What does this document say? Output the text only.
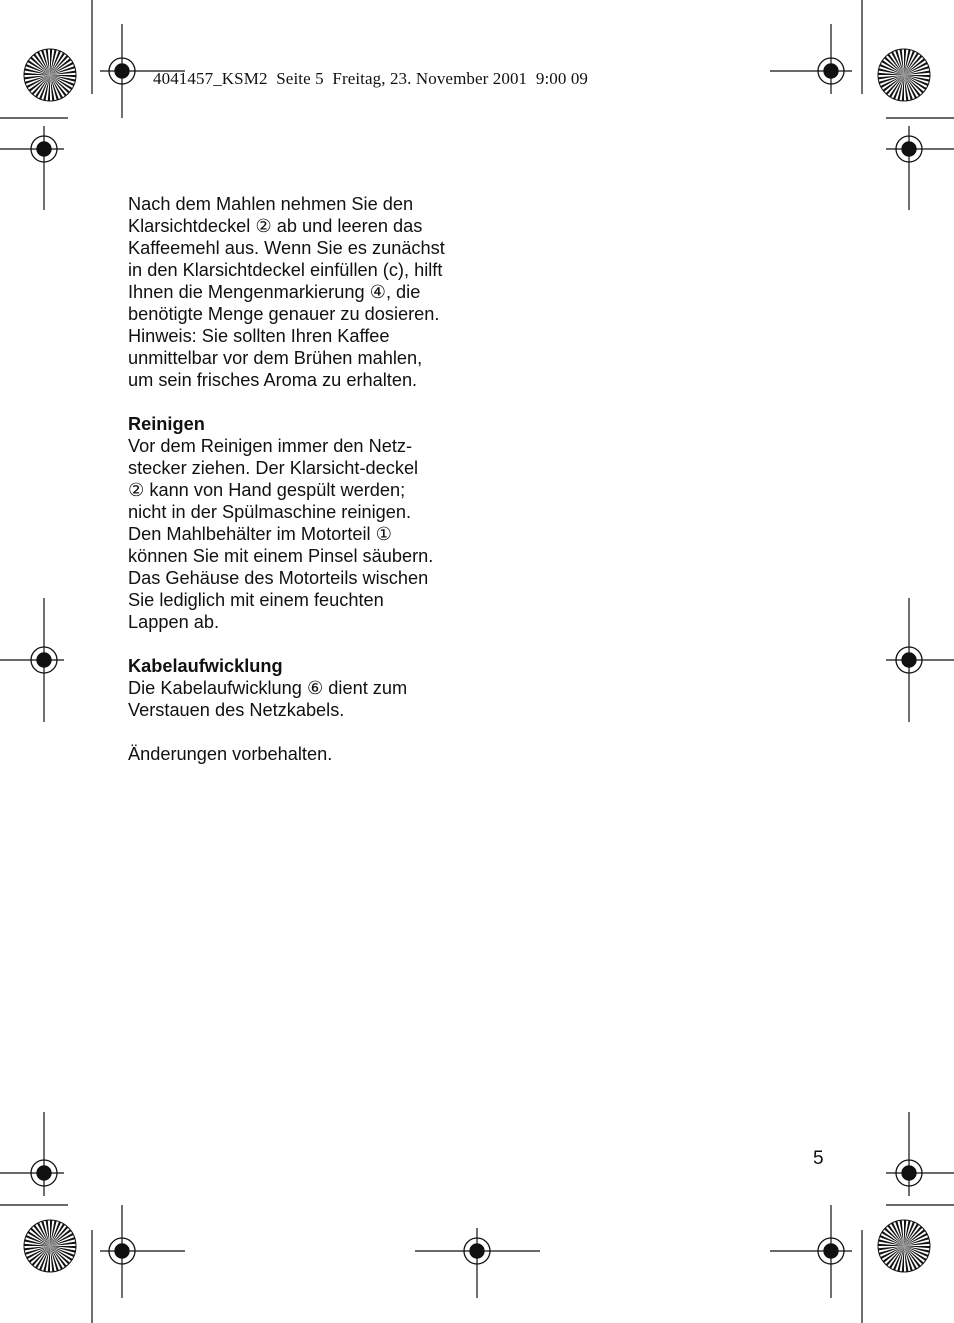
4041457_KSM2  Seite 5  Freitag, 23. November 2001  9:00 09

Nach dem Mahlen nehmen Sie den
Klarsichtdeckel ② ab und leeren das
Kaffeemehl aus. Wenn Sie es zunächst
in den Klarsichtdeckel einfüllen (c), hilft
Ihnen die Mengenmarkierung ④, die
benötigte Menge genauer zu dosieren.
Hinweis: Sie sollten Ihren Kaffee
unmittelbar vor dem Brühen mahlen,
um sein frisches Aroma zu erhalten.

Reinigen

Vor dem Reinigen immer den Netz-
stecker ziehen. Der Klarsicht-deckel
② kann von Hand gespült werden;
nicht in der Spülmaschine reinigen.
Den Mahlbehälter im Motorteil ①
können Sie mit einem Pinsel säubern.
Das Gehäuse des Motorteils wischen
Sie lediglich mit einem feuchten
Lappen ab.

Kabelaufwicklung

Die Kabelaufwicklung ⑥ dient zum
Verstauen des Netzkabels.

Änderungen vorbehalten.

5
